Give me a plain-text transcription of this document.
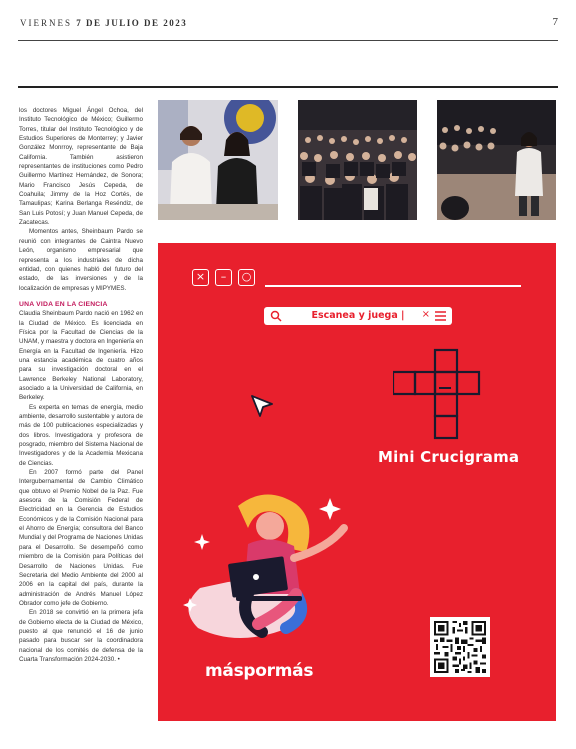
VIERNES 7 DE JULIO DE 2023	7

los doctores Miguel Ángel Ochoa, del Instituto Tecnológico de México; Guillermo Torres, titular del Instituto Tecnológico y de Estudios Superiores de Monterrey; y Javier González Monrroy, representante de Baja California. También asistieron representantes de instituciones como Pedro Guillermo Martínez Hernández, de Sonora; Mario Francisco Jesús Cepeda, de Coahuila; Jimmy de la Hoz Cortés, de Tamaulipas; Karina Berlanga Reséndiz, de San Luis Potosí; y Juan Manuel Cepeda, de Zacatecas.

Momentos antes, Sheinbaum Pardo se reunió con integrantes de Caintra Nuevo León, organismo empresarial que representa a los industriales de dicha entidad, con quienes habló del futuro del estado, de las inversiones y de la localización de empresas y MIPYMES.

UNA VIDA EN LA CIENCIA

Claudia Sheinbaum Pardo nació en 1962 en la Ciudad de México. Es licenciada en Física por la Facultad de Ciencias de la UNAM, y maestra y doctora en Ingeniería en Energía en la Facultad de Ingeniería. Hizo una estancia académica de cuatro años para su investigación doctoral en el Lawrence Berkeley National Laboratory, asociado a la Universidad de California, en Berkeley.

Es experta en temas de energía, medio ambiente, desarrollo sustentable y autora de más de 100 publicaciones especializadas y dos libros. Investigadora y profesora de posgrado, miembro del Sistema Nacional de Investigadores y de la Academia Mexicana de Ciencias.

En 2007 formó parte del Panel Intergubernamental de Cambio Climático que obtuvo el Premio Nobel de la Paz. Fue asesora de la Comisión Federal de Electricidad en la Gerencia de Estudios Económicos y de la Comisión Nacional para el Ahorro de Energía; consultora del Banco Mundial y del Programa de Naciones Unidas para el Desarrollo. Se desempeñó como miembro de la Comisión para Políticas del Desarrollo de Naciones Unidas. Fue Secretaria del Medio Ambiente del 2000 al 2006 en la capital del país, durante la administración de Andrés Manuel López Obrador como jefe de Gobierno.

En 2018 se convirtió en la primera jefa de Gobierno electa de la Ciudad de México, puesto al que renunció el 16 de junio pasado para buscar ser la coordinadora nacional de los comités de defensa de la Cuarta Transformación 2024-2030. •

×	–	○
Escanea y juega |	×
Mini Crucigrama
máspormás
